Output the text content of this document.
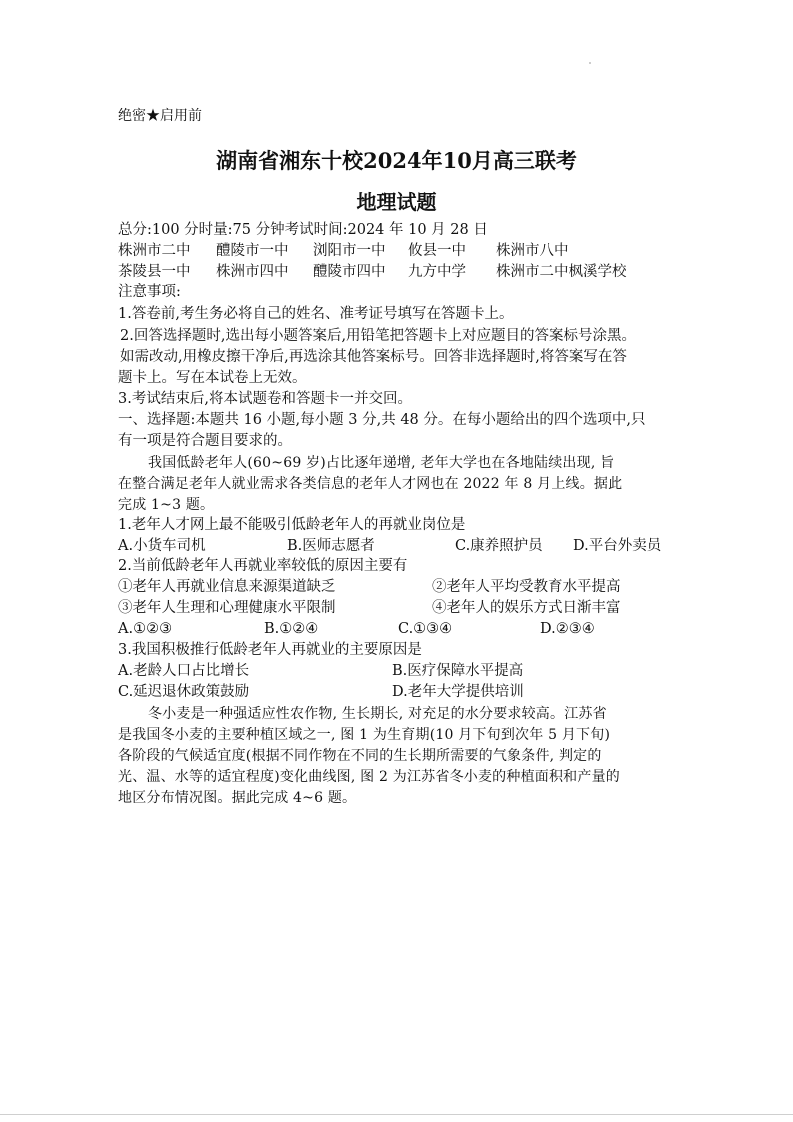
绝密★启用前
湖南省湘东十校2024年10月高三联考
地理试题
总分:100 分时量:75 分钟考试时间:2024 年 10 月 28 日
株洲市二中 醴陵市一中 浏阳市一中 攸县一中 株洲市八中
茶陵县一中 株洲市四中 醴陵市四中 九方中学 株洲市二中枫溪学校
注意事项:
1.答卷前,考生务必将自己的姓名、准考证号填写在答题卡上。
2.回答选择题时,选出每小题答案后,用铅笔把答题卡上对应题目的答案标号涂黑。
如需改动,用橡皮擦干净后,再选涂其他答案标号。回答非选择题时,将答案写在答
题卡上。写在本试卷上无效。
3.考试结束后,将本试题卷和答题卡一并交回。
一、选择题:本题共 16 小题,每小题 3 分,共 48 分。在每小题给出的四个选项中,只
有一项是符合题目要求的。
我国低龄老年人(60~69 岁)占比逐年递增, 老年大学也在各地陆续出现, 旨
在整合满足老年人就业需求各类信息的老年人才网也在 2022 年 8 月上线。据此
完成 1~3 题。
1.老年人才网上最不能吸引低龄老年人的再就业岗位是
A.小货车司机	B.医师志愿者	C.康养照护员 D.平台外卖员
2.当前低龄老年人再就业率较低的原因主要有
①老年人再就业信息来源渠道缺乏	②老年人平均受教育水平提高
③老年人生理和心理健康水平限制	④老年人的娱乐方式日渐丰富
A.①②③	B.①②④	C.①③④	D.②③④
3.我国积极推行低龄老年人再就业的主要原因是
A.老龄人口占比增长	B.医疗保障水平提高
C.延迟退休政策鼓励	D.老年大学提供培训
冬小麦是一种强适应性农作物, 生长期长, 对充足的水分要求较高。江苏省
是我国冬小麦的主要种植区域之一, 图 1 为生育期(10 月下旬到次年 5 月下旬)
各阶段的气候适宜度(根据不同作物在不同的生长期所需要的气象条件, 判定的
光、温、水等的适宜程度)变化曲线图, 图 2 为江苏省冬小麦的种植面积和产量的
地区分布情况图。据此完成 4~6 题。
